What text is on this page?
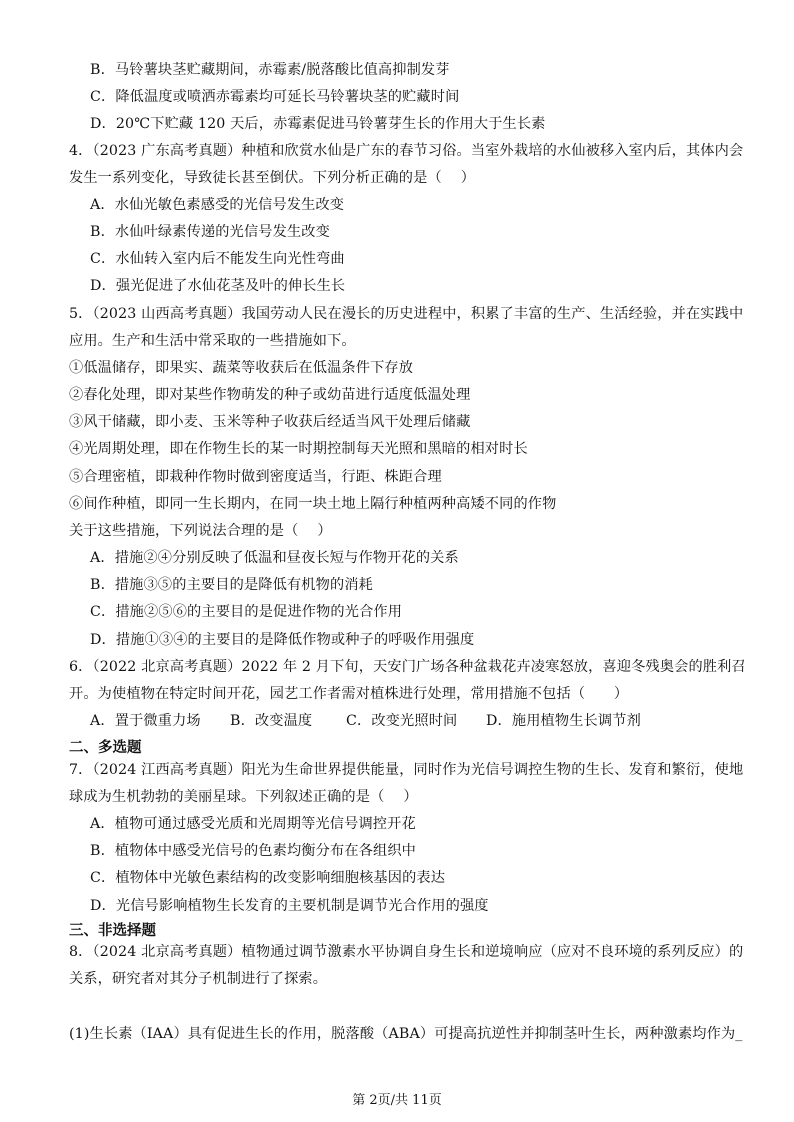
B．马铃薯块茎贮藏期间，赤霉素/脱落酸比值高抑制发芽
C．降低温度或喷洒赤霉素均可延长马铃薯块茎的贮藏时间
D．20℃下贮藏 120 天后，赤霉素促进马铃薯芽生长的作用大于生长素
4．（2023 广东高考真题）种植和欣赏水仙是广东的春节习俗。当室外栽培的水仙被移入室内后，其体内会
发生一系列变化，导致徒长甚至倒伏。下列分析正确的是（　 ）
A．水仙光敏色素感受的光信号发生改变
B．水仙叶绿素传递的光信号发生改变
C．水仙转入室内后不能发生向光性弯曲
D．强光促进了水仙花茎及叶的伸长生长
5．（2023 山西高考真题）我国劳动人民在漫长的历史进程中，积累了丰富的生产、生活经验，并在实践中
应用。生产和生活中常采取的一些措施如下。
①低温储存，即果实、蔬菜等收获后在低温条件下存放
②春化处理，即对某些作物萌发的种子或幼苗进行适度低温处理
③风干储藏，即小麦、玉米等种子收获后经适当风干处理后储藏
④光周期处理，即在作物生长的某一时期控制每天光照和黑暗的相对时长
⑤合理密植，即栽种作物时做到密度适当，行距、株距合理
⑥间作种植，即同一生长期内，在同一块土地上隔行种植两种高矮不同的作物
关于这些措施，下列说法合理的是（　 ）
A．措施②④分别反映了低温和昼夜长短与作物开花的关系
B．措施③⑤的主要目的是降低有机物的消耗
C．措施②⑤⑥的主要目的是促进作物的光合作用
D．措施①③④的主要目的是降低作物或种子的呼吸作用强度
6．（2022 北京高考真题）2022 年 2 月下旬，天安门广场各种盆栽花卉凌寒怒放，喜迎冬残奥会的胜利召
开。为使植物在特定时间开花，园艺工作者需对植株进行处理，常用措施不包括（　　）
A．置于微重力场 B．改变温度 C．改变光照时间 D．施用植物生长调节剂
二、多选题
7．（2024 江西高考真题）阳光为生命世界提供能量，同时作为光信号调控生物的生长、发育和繁衍，使地
球成为生机勃勃的美丽星球。下列叙述正确的是（　 ）
A．植物可通过感受光质和光周期等光信号调控开花
B．植物体中感受光信号的色素均衡分布在各组织中
C．植物体中光敏色素结构的改变影响细胞核基因的表达
D．光信号影响植物生长发育的主要机制是调节光合作用的强度
三、非选择题
8．（2024 北京高考真题）植物通过调节激素水平协调自身生长和逆境响应（应对不良环境的系列反应）的
关系，研究者对其分子机制进行了探索。
(1)生长素（IAA）具有促进生长的作用，脱落酸（ABA）可提高抗逆性并抑制茎叶生长，两种激素均作为_
第 2页/共 11页
